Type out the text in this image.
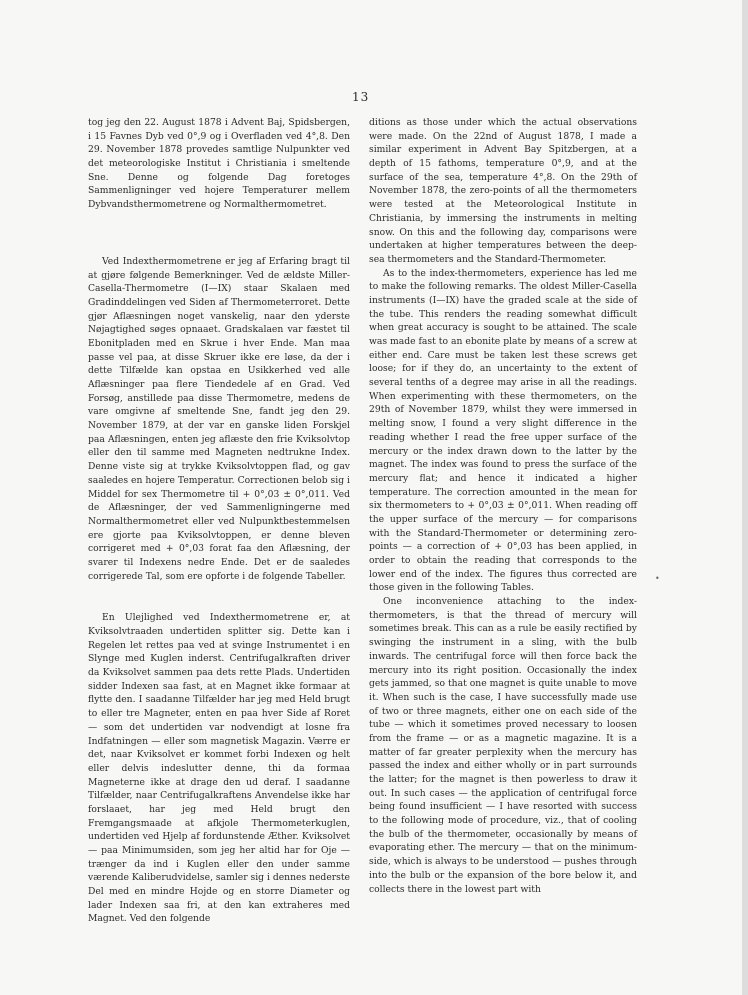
13

tog jeg den 22. August 1878 i Advent Baj, Spidsbergen, i 15 Favnes Dyb ved 0°,9 og i Overfladen ved 4°,8. Den 29. November 1878 provedes samtlige Nulpunkter ved det meteorologiske Institut i Christiania i smeltende Sne. Denne og folgende Dag foretoges Sammenligninger ved hojere Temperaturer mellem Dybvandsthermometrene og Normalthermometret.

Ved Indexthermometrene er jeg af Erfaring bragt til at gjøre følgende Bemerkninger. Ved de ældste Miller-Casella-Thermometre (I—IX) staar Skalaen med Gradinddelingen ved Siden af Thermometerroret. Dette gjør Aflæsningen noget vanskelig, naar den yderste Nøjagtighed søges opnaaet. Gradskalaen var fæstet til Ebonitpladen med en Skrue i hver Ende. Man maa passe vel paa, at disse Skruer ikke ere løse, da der i dette Tilfælde kan opstaa en Usikkerhed ved alle Aflæsninger paa flere Tiendedele af en Grad. Ved Forsøg, anstillede paa disse Thermometre, medens de vare omgivne af smeltende Sne, fandt jeg den 29. November 1879, at der var en ganske liden Forskjel paa Aflæsningen, enten jeg aflæste den frie Kviksolvtop eller den til samme med Magneten nedtrukne Index. Denne viste sig at trykke Kviksolvtoppen flad, og gav saaledes en hojere Temperatur. Correctionen belob sig i Middel for sex Thermometre til + 0°,03 ± 0°,011. Ved de Aflæsninger, der ved Sammenligningerne med Normalthermometret eller ved Nulpunktbestemmelsen ere gjorte paa Kviksolvtoppen, er denne bleven corrigeret med + 0°,03 forat faa den Aflæsning, der svarer til Indexens nedre Ende. Det er de saaledes corrigerede Tal, som ere opforte i de folgende Tabeller.

En Ulejlighed ved Indexthermometrene er, at Kviksolvtraaden undertiden splitter sig. Dette kan i Regelen let rettes paa ved at svinge Instrumentet i en Slynge med Kuglen inderst. Centrifugalkraften driver da Kviksolvet sammen paa dets rette Plads. Undertiden sidder Indexen saa fast, at en Magnet ikke formaar at flytte den. I saadanne Tilfælder har jeg med Held brugt to eller tre Magneter, enten en paa hver Side af Roret — som det undertiden var nodvendigt at losne fra Indfatningen — eller som magnetisk Magazin. Værre er det, naar Kviksolvet er kommet forbi Indexen og helt eller delvis indeslutter denne, thi da formaa Magneterne ikke at drage den ud deraf. I saadanne Tilfælder, naar Centrifugalkraftens Anvendelse ikke har forslaaet, har jeg med Held brugt den Fremgangsmaade at afkjole Thermometerkuglen, undertiden ved Hjelp af fordunstende Æther. Kviksolvet — paa Minimumsiden, som jeg her altid har for Oje — trænger da ind i Kuglen eller den under samme værende Kaliberudvidelse, samler sig i dennes nederste Del med en mindre Hojde og en storre Diameter og lader Indexen saa fri, at den kan extraheres med Magnet. Ved den folgende

ditions as those under which the actual observations were made. On the 22nd of August 1878, I made a similar experiment in Advent Bay Spitzbergen, at a depth of 15 fathoms, temperature 0°,9, and at the surface of the sea, temperature 4°,8. On the 29th of November 1878, the zero-points of all the thermometers were tested at the Meteorological Institute in Christiania, by immersing the instruments in melting snow. On this and the following day, comparisons were undertaken at higher temperatures between the deep-sea thermometers and the Standard-Thermometer.

As to the index-thermometers, experience has led me to make the following remarks. The oldest Miller-Casella instruments (I—IX) have the graded scale at the side of the tube. This renders the reading somewhat difficult when great accuracy is sought to be attained. The scale was made fast to an ebonite plate by means of a screw at either end. Care must be taken lest these screws get loose; for if they do, an uncertainty to the extent of several tenths of a degree may arise in all the readings. When experimenting with these thermometers, on the 29th of November 1879, whilst they were immersed in melting snow, I found a very slight difference in the reading whether I read the free upper surface of the mercury or the index drawn down to the latter by the magnet. The index was found to press the surface of the mercury flat; and hence it indicated a higher temperature. The correction amounted in the mean for six thermometers to + 0°,03 ± 0°,011. When reading off the upper surface of the mercury — for comparisons with the Standard-Thermometer or determining zero-points — a correction of + 0°,03 has been applied, in order to obtain the reading that corresponds to the lower end of the index. The figures thus corrected are those given in the following Tables.

One inconvenience attaching to the index-thermometers, is that the thread of mercury will sometimes break. This can as a rule be easily rectified by swinging the instrument in a sling, with the bulb inwards. The centrifugal force will then force back the mercury into its right position. Occasionally the index gets jammed, so that one magnet is quite unable to move it. When such is the case, I have successfully made use of two or three magnets, either one on each side of the tube — which it sometimes proved necessary to loosen from the frame — or as a magnetic magazine. It is a matter of far greater perplexity when the mercury has passed the index and either wholly or in part surrounds the latter; for the magnet is then powerless to draw it out. In such cases — the application of centrifugal force being found insufficient — I have resorted with success to the following mode of procedure, viz., that of cooling the bulb of the thermometer, occasionally by means of evaporating ether. The mercury — that on the minimum-side, which is always to be understood — pushes through into the bulb or the expansion of the bore below it, and collects there in the lowest part with

•
